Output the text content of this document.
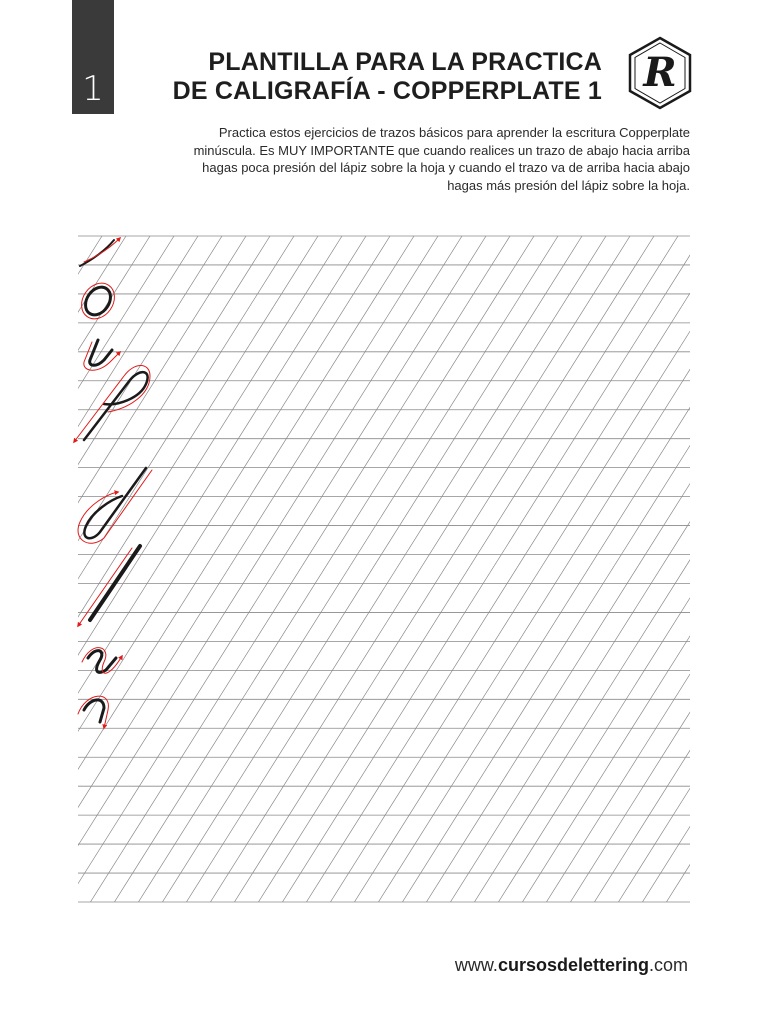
1
PLANTILLA PARA LA PRACTICA
DE CALIGRAFÍA - COPPERPLATE 1 R
Practica estos ejercicios de trazos básicos para aprender la escritura Copperplate
minúscula. Es MUY IMPORTANTE que cuando realices un trazo de abajo hacia arriba
hagas poca presión del lápiz sobre la hoja y cuando el trazo va de arriba hacia abajo
hagas más presión del lápiz sobre la hoja.
www.cursosdelettering.com
